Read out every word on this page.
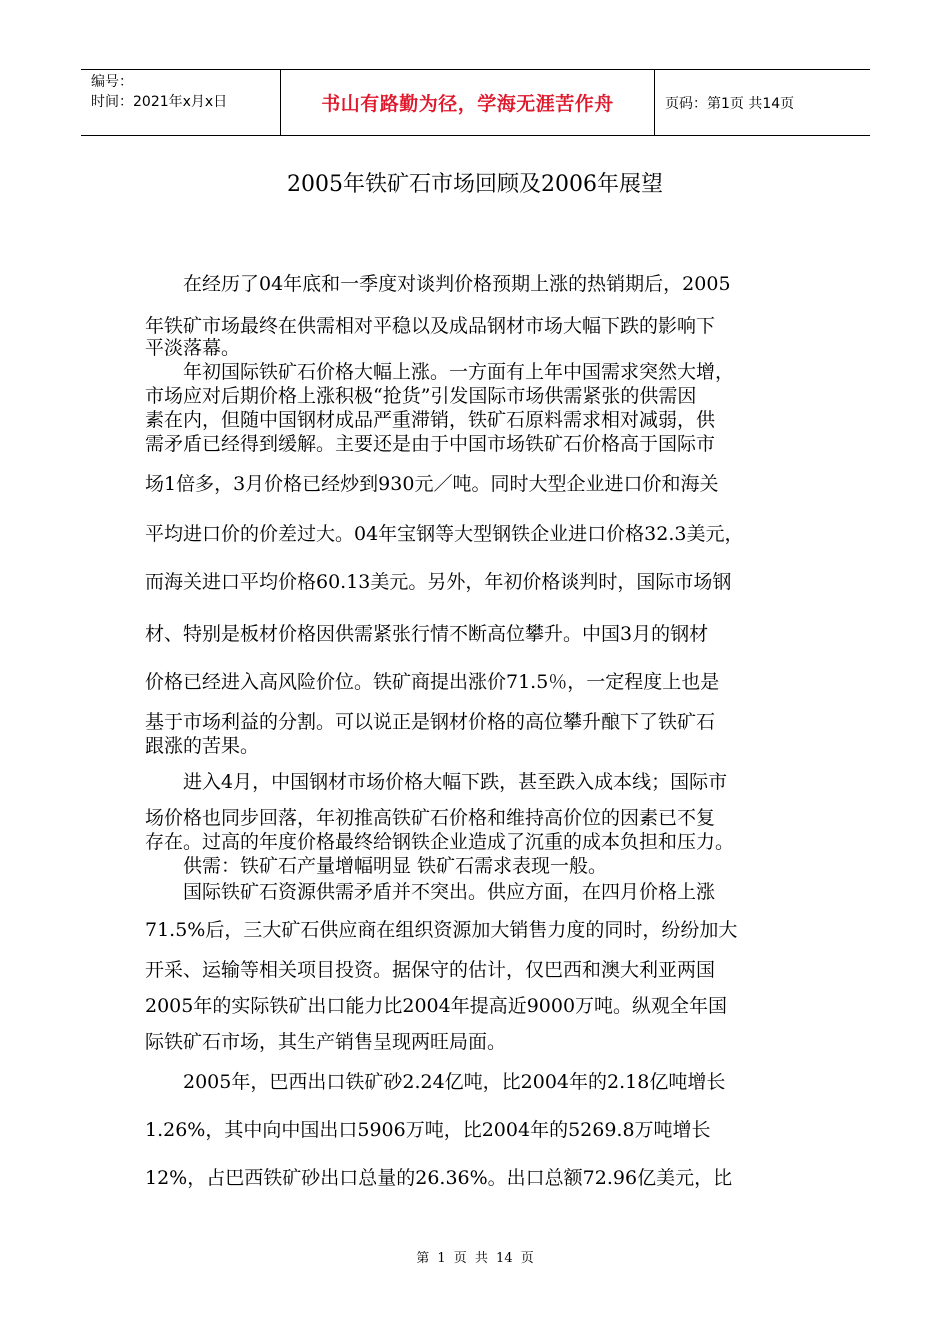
编号：
时间：2021年x月x日	书山有路勤为径，学海无涯苦作舟	页码：第1页 共14页
2005年铁矿石市场回顾及2006年展望
　　在经历了04年底和一季度对谈判价格预期上涨的热销期后，2005
年铁矿市场最终在供需相对平稳以及成品钢材市场大幅下跌的影响下
平淡落幕。
　　年初国际铁矿石价格大幅上涨。一方面有上年中国需求突然大增，
市场应对后期价格上涨积极“抢货”引发国际市场供需紧张的供需因
素在内，但随中国钢材成品严重滞销，铁矿石原料需求相对减弱，供
需矛盾已经得到缓解。主要还是由于中国市场铁矿石价格高于国际市
场1倍多，3月价格已经炒到930元／吨。同时大型企业进口价和海关
平均进口价的价差过大。04年宝钢等大型钢铁企业进口价格32.3美元，
而海关进口平均价格60.13美元。另外，年初价格谈判时，国际市场钢
材、特别是板材价格因供需紧张行情不断高位攀升。中国3月的钢材
价格已经进入高风险价位。铁矿商提出涨价71.5％，一定程度上也是
基于市场利益的分割。可以说正是钢材价格的高位攀升酿下了铁矿石
跟涨的苦果。
　　进入4月，中国钢材市场价格大幅下跌，甚至跌入成本线；国际市
场价格也同步回落，年初推高铁矿石价格和维持高价位的因素已不复
存在。过高的年度价格最终给钢铁企业造成了沉重的成本负担和压力。
　　供需：铁矿石产量增幅明显 铁矿石需求表现一般。
　　国际铁矿石资源供需矛盾并不突出。供应方面，在四月价格上涨
71.5%后，三大矿石供应商在组织资源加大销售力度的同时，纷纷加大
开采、运输等相关项目投资。据保守的估计，仅巴西和澳大利亚两国
2005年的实际铁矿出口能力比2004年提高近9000万吨。纵观全年国
际铁矿石市场，其生产销售呈现两旺局面。
　　2005年，巴西出口铁矿砂2.24亿吨，比2004年的2.18亿吨增长
1.26%，其中向中国出口5906万吨，比2004年的5269.8万吨增长
12%，占巴西铁矿砂出口总量的26.36%。出口总额72.96亿美元，比
第 1 页 共 14 页
